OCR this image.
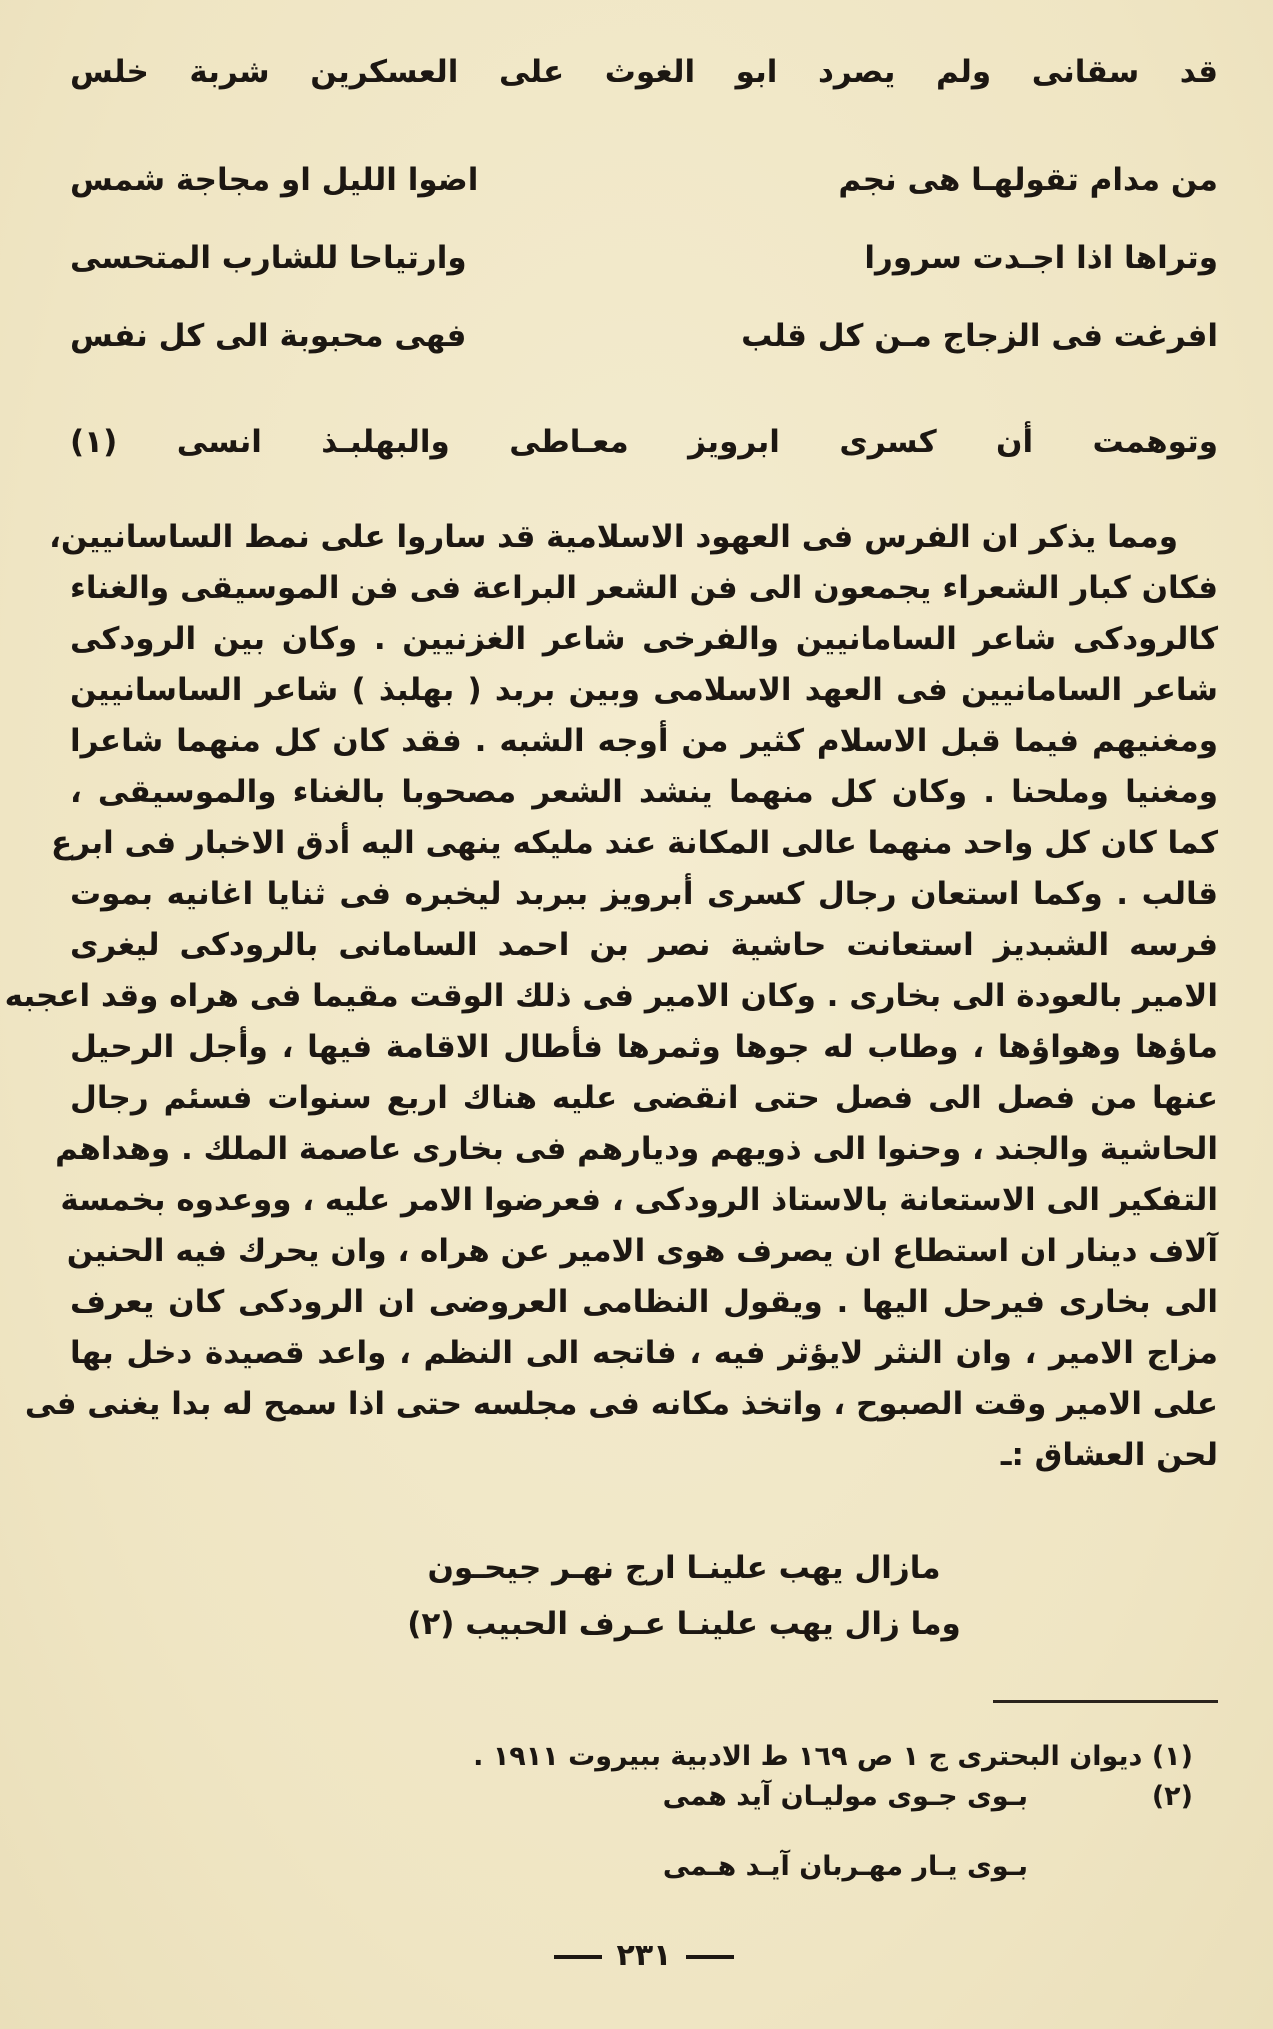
قد سقانى ولم يصرد ابو الغوث على العسكرين شربة خلس
من مدام تقولهـا هى نجم
اضوا الليل او مجاجة شمس
وتراها اذا اجـدت سرورا
وارتياحا للشارب المتحسى
افرغت فى الزجاج مـن كل قلب
فهى محبوبة الى كل نفس
وتوهمت أن كسرى ابرويز معـاطى والبهلبـذ انسى (١)
ومما يذكر ان الفرس فى العهود الاسلامية قد ساروا على نمط الساسانيين،
فكان كبار الشعراء يجمعون الى فن الشعر البراعة فى فن الموسيقى والغناء
كالرودكى شاعر السامانيين والفرخى شاعر الغزنيين . وكان بين الرودكى
شاعر السامانيين فى العهد الاسلامى وبين بربد ( بهلبذ ) شاعر الساسانيين
ومغنيهم فيما قبل الاسلام كثير من أوجه الشبه . فقد كان كل منهما شاعرا
ومغنيا وملحنا . وكان كل منهما ينشد الشعر مصحوبا بالغناء والموسيقى ،
كما كان كل واحد منهما عالى المكانة عند مليكه ينهى اليه أدق الاخبار فى ابرع
قالب . وكما استعان رجال كسرى أبرويز ببربد ليخبره فى ثنايا اغانيه بموت
فرسه الشبديز استعانت حاشية نصر بن احمد السامانى بالرودكى ليغرى
الامير بالعودة الى بخارى . وكان الامير فى ذلك الوقت مقيما فى هراه وقد اعجبه
ماؤها وهواؤها ، وطاب له جوها وثمرها فأطال الاقامة فيها ، وأجل الرحيل
عنها من فصل الى فصل حتى انقضى عليه هناك اربع سنوات فسئم رجال
الحاشية والجند ، وحنوا الى ذويهم وديارهم فى بخارى عاصمة الملك . وهداهم
التفكير الى الاستعانة بالاستاذ الرودكى ، فعرضوا الامر عليه ، ووعدوه بخمسة
آلاف دينار ان استطاع ان يصرف هوى الامير عن هراه ، وان يحرك فيه الحنين
الى بخارى فيرحل اليها . ويقول النظامى العروضى ان الرودكى كان يعرف
مزاج الامير ، وان النثر لايؤثر فيه ، فاتجه الى النظم ، واعد قصيدة دخل بها
على الامير وقت الصبوح ، واتخذ مكانه فى مجلسه حتى اذا سمح له بدا يغنى فى
لحن العشاق :ـ
مازال يهب علينـا ارج نهـر جيحـون
وما زال يهب علينـا عـرف الحبيب (٢)
(١) ديوان البحترى ج ١ ص ١٦٩ ط الادبية ببيروت ١٩١١ .
(٢)
بـوى جـوى موليـان آيد همى
بـوى يـار مهـربان آيـد هـمى
٢٣١
